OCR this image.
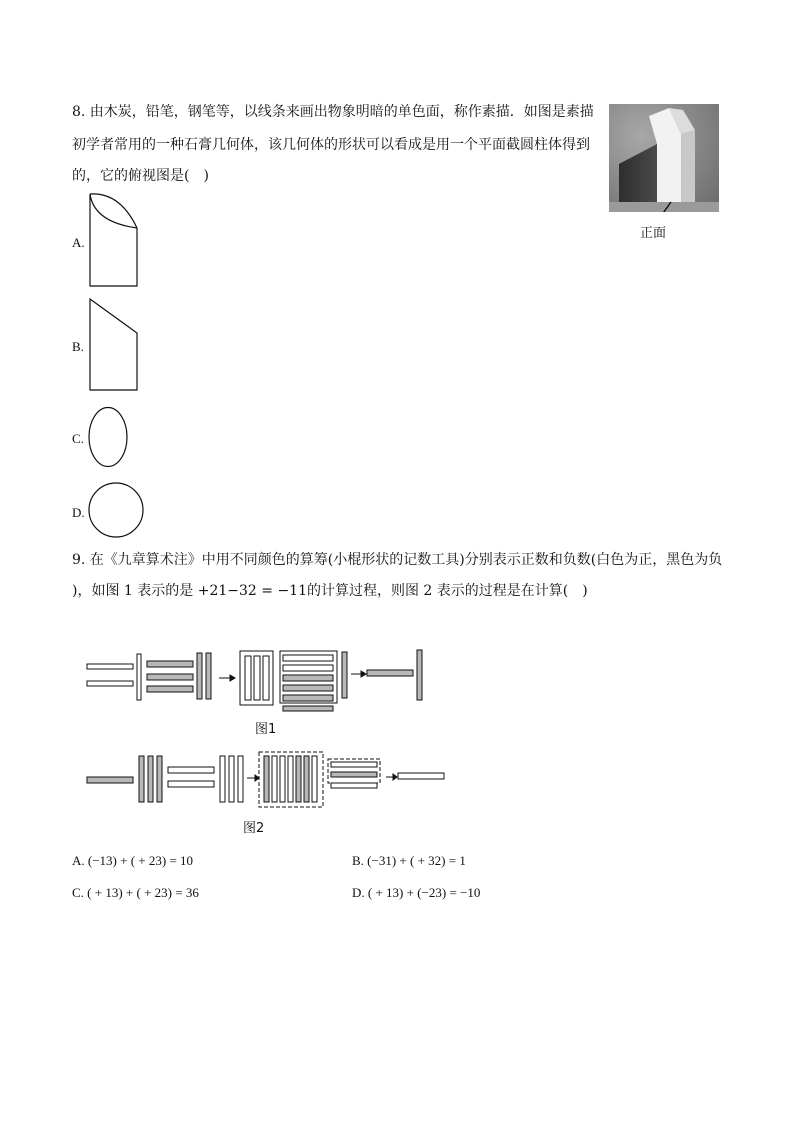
8. 由木炭，铅笔，钢笔等，以线条来画出物象明暗的单色面，称作素描．如图是素描
初学者常用的一种石膏几何体，该几何体的形状可以看成是用一个平面截圆柱体得到
的，它的俯视图是(　)
正面
A.
B.
C.
D.
9. 在《九章算术注》中用不同颜色的算筹(小棍形状的记数工具)分别表示正数和负数(白色为正，黑色为负
)，如图 1 表示的是 +21−32 = −11的计算过程，则图 2 表示的过程是在计算(　)
图1
图2
A. (−13) + ( + 23) = 10	B. (−31) + ( + 32) = 1
C. ( + 13) + ( + 23) = 36	D. ( + 13) + (−23) = −10
